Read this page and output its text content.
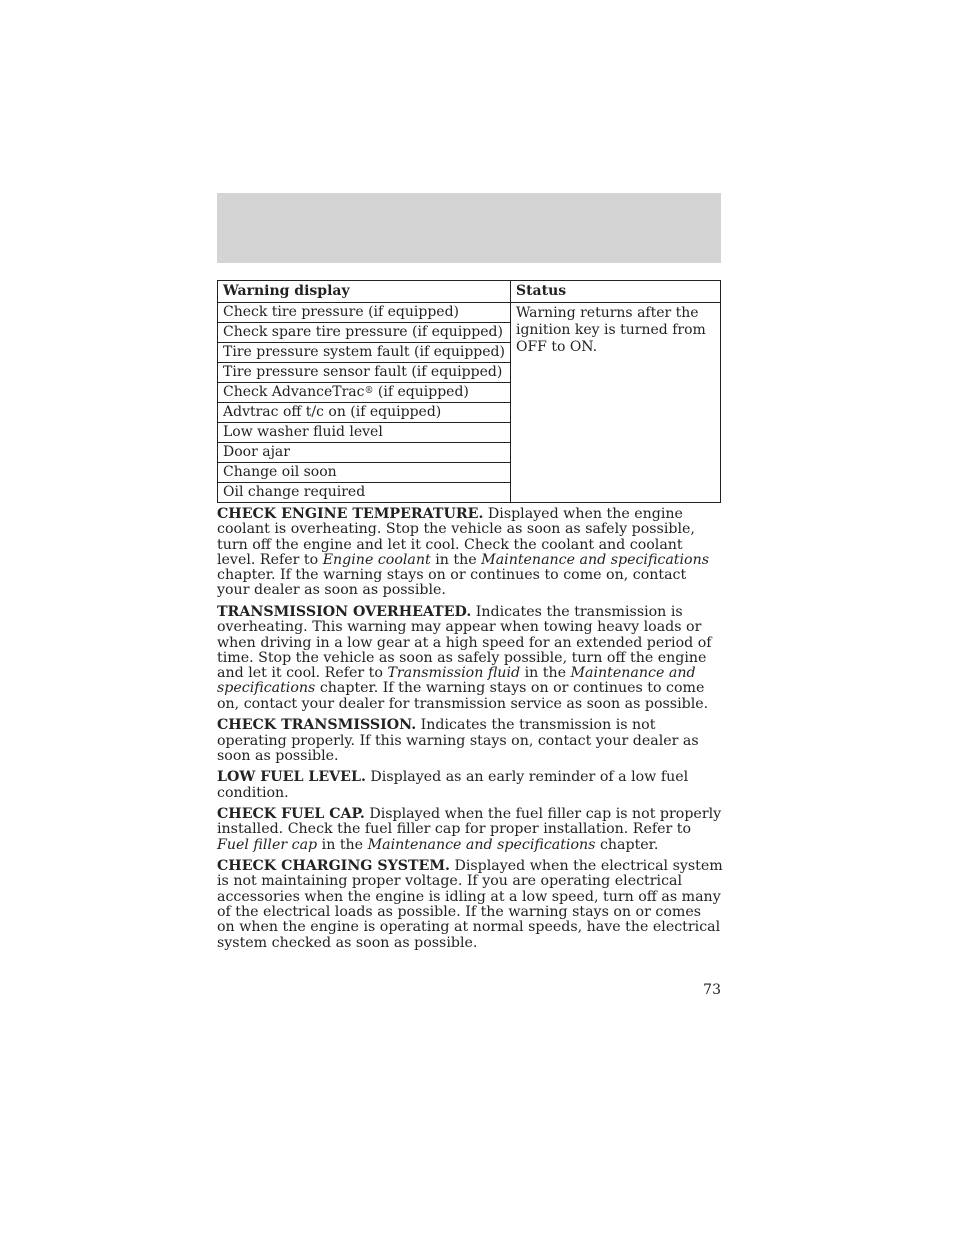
Warning display	Status
Check tire pressure (if equipped)	Warning returns after the ignition key is turned from OFF to ON.
Check spare tire pressure (if equipped)	
Tire pressure system fault (if equipped)	
Tire pressure sensor fault (if equipped)	
Check AdvanceTrac® (if equipped)	
Advtrac off t/c on (if equipped)	
Low washer fluid level	
Door ajar	
Change oil soon	
Oil change required	

CHECK ENGINE TEMPERATURE. Displayed when the engine coolant is overheating. Stop the vehicle as soon as safely possible, turn off the engine and let it cool. Check the coolant and coolant level. Refer to Engine coolant in the Maintenance and specifications chapter. If the warning stays on or continues to come on, contact your dealer as soon as possible.

TRANSMISSION OVERHEATED. Indicates the transmission is overheating. This warning may appear when towing heavy loads or when driving in a low gear at a high speed for an extended period of time. Stop the vehicle as soon as safely possible, turn off the engine and let it cool. Refer to Transmission fluid in the Maintenance and specifications chapter. If the warning stays on or continues to come on, contact your dealer for transmission service as soon as possible.

CHECK TRANSMISSION. Indicates the transmission is not operating properly. If this warning stays on, contact your dealer as soon as possible.

LOW FUEL LEVEL. Displayed as an early reminder of a low fuel condition.

CHECK FUEL CAP. Displayed when the fuel filler cap is not properly installed. Check the fuel filler cap for proper installation. Refer to Fuel filler cap in the Maintenance and specifications chapter.

CHECK CHARGING SYSTEM. Displayed when the electrical system is not maintaining proper voltage. If you are operating electrical accessories when the engine is idling at a low speed, turn off as many of the electrical loads as possible. If the warning stays on or comes on when the engine is operating at normal speeds, have the electrical system checked as soon as possible.

73
